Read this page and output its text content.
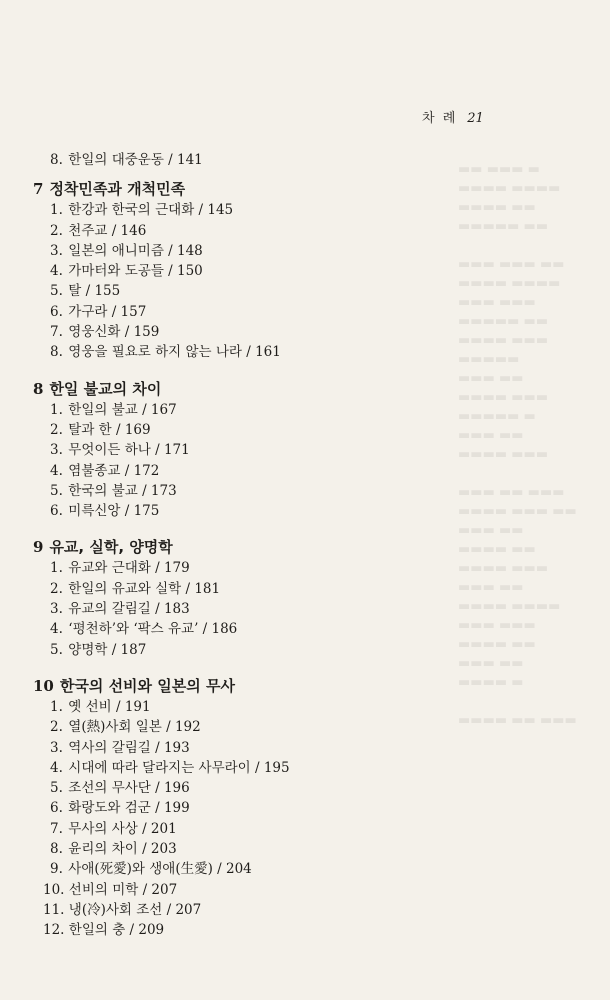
▬▬ ▬▬▬ ▬
▬▬▬▬ ▬▬▬▬
▬▬▬▬ ▬▬
▬▬▬▬▬ ▬▬
▬▬▬ ▬▬▬ ▬▬
▬▬▬▬ ▬▬▬▬
▬▬▬ ▬▬▬
▬▬▬▬▬ ▬▬
▬▬▬▬ ▬▬▬
▬▬▬▬▬
▬▬▬ ▬▬
▬▬▬▬ ▬▬▬
▬▬▬▬▬ ▬
▬▬▬ ▬▬
▬▬▬▬ ▬▬▬
▬▬▬ ▬▬ ▬▬▬
▬▬▬▬ ▬▬▬ ▬▬
▬▬▬ ▬▬
▬▬▬▬ ▬▬
▬▬▬▬ ▬▬▬
▬▬▬ ▬▬
▬▬▬▬ ▬▬▬▬
▬▬▬ ▬▬▬
▬▬▬▬ ▬▬
▬▬▬ ▬▬
▬▬▬▬ ▬
▬▬▬▬ ▬▬ ▬▬▬
차 례 21
8. 한일의 대중운동 / 141
7 정착민족과 개척민족
1. 한강과 한국의 근대화 / 145
2. 천주교 / 146
3. 일본의 애니미즘 / 148
4. 가마터와 도공들 / 150
5. 탈 / 155
6. 가구라 / 157
7. 영웅신화 / 159
8. 영웅을 필요로 하지 않는 나라 / 161
8 한일 불교의 차이
1. 한일의 불교 / 167
2. 탈과 한 / 169
3. 무엇이든 하나 / 171
4. 염불종교 / 172
5. 한국의 불교 / 173
6. 미륵신앙 / 175
9 유교, 실학, 양명학
1. 유교와 근대화 / 179
2. 한일의 유교와 실학 / 181
3. 유교의 갈림길 / 183
4. ‘평천하’와 ‘팍스 유교’ / 186
5. 양명학 / 187
10 한국의 선비와 일본의 무사
1. 옛 선비 / 191
2. 열(熱)사회 일본 / 192
3. 역사의 갈림길 / 193
4. 시대에 따라 달라지는 사무라이 / 195
5. 조선의 무사단 / 196
6. 화랑도와 검군 / 199
7. 무사의 사상 / 201
8. 윤리의 차이 / 203
9. 사애(死愛)와 생애(生愛) / 204
10. 선비의 미학 / 207
11. 냉(冷)사회 조선 / 207
12. 한일의 충 / 209
